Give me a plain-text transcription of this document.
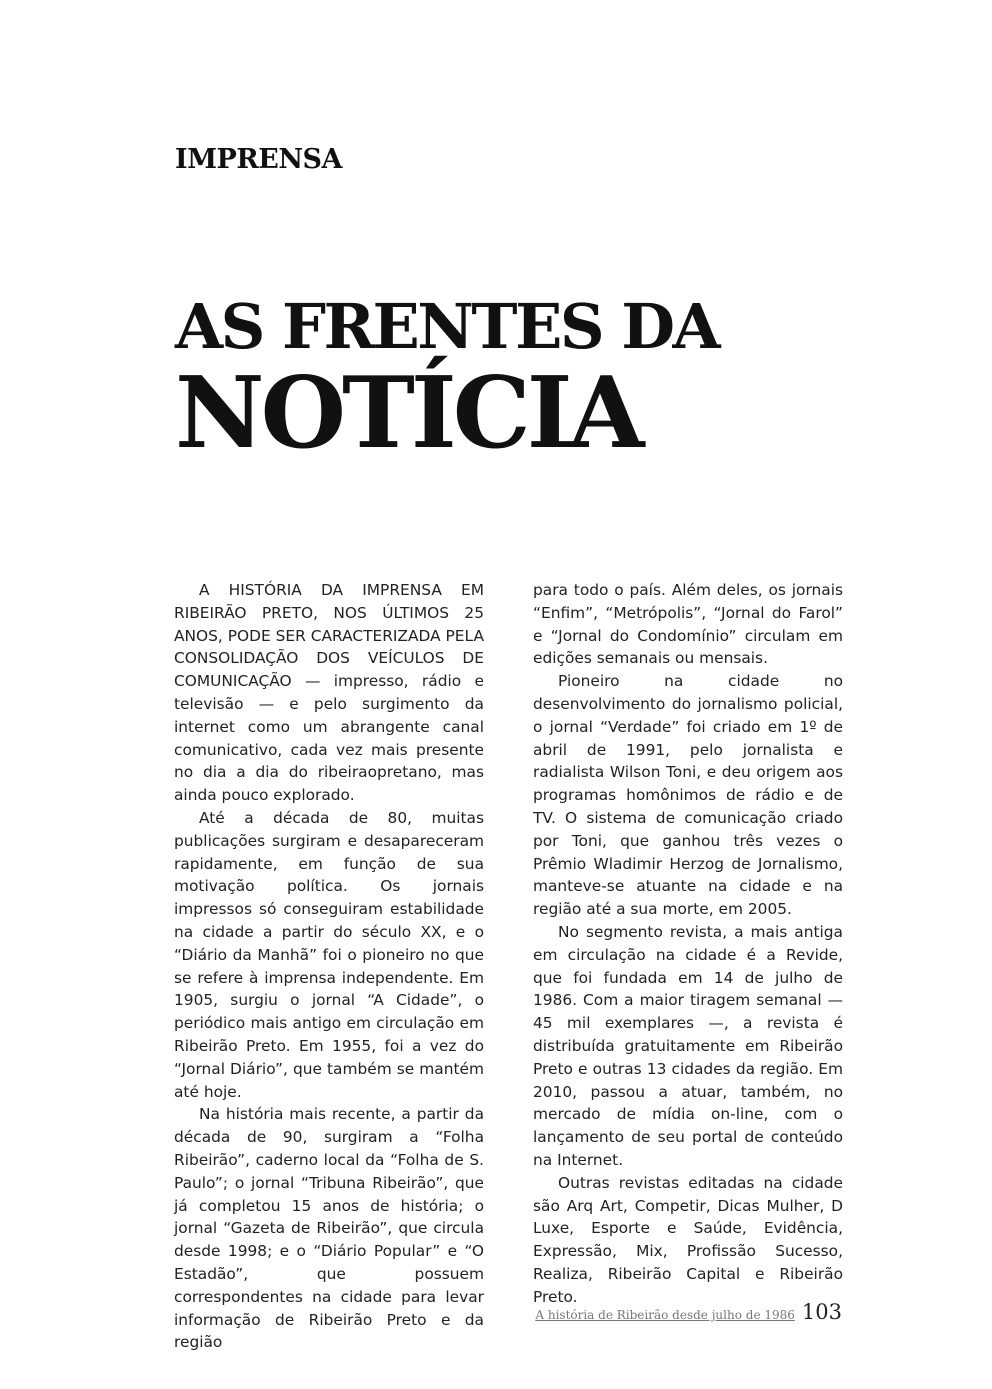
IMPRENSA
AS FRENTES DA
NOTÍCIA

A HISTÓRIA DA IMPRENSA EM RIBEIRÃO PRETO, NOS ÚLTIMOS 25 ANOS, PODE SER CARACTERIZADA PELA CONSOLIDAÇÃO DOS VEÍCULOS DE COMUNICAÇÃO — impresso, rádio e televisão — e pelo surgimento da internet como um abrangente canal comunicativo, cada vez mais presente no dia a dia do ribeiraopretano, mas ainda pouco explorado.

Até a década de 80, muitas publicações surgiram e desapareceram rapidamente, em função de sua motivação política. Os jornais impressos só conseguiram estabilidade na cidade a partir do século XX, e o “Diário da Manhã” foi o pioneiro no que se refere à imprensa independente. Em 1905, surgiu o jornal “A Cidade”, o periódico mais antigo em circulação em Ribeirão Preto. Em 1955, foi a vez do “Jornal Diário”, que também se mantém até hoje.

Na história mais recente, a partir da década de 90, surgiram a “Folha Ribeirão”, caderno local da “Folha de S. Paulo”; o jornal “Tribuna Ribeirão”, que já completou 15 anos de história; o jornal “Gazeta de Ribeirão”, que circula desde 1998; e o “Diário Popular” e “O Estadão”, que possuem correspondentes na cidade para levar informação de Ribeirão Preto e da região

para todo o país. Além deles, os jornais “Enfim”, “Metrópolis”, “Jornal do Farol” e “Jornal do Condomínio” circulam em edições semanais ou mensais.

Pioneiro na cidade no desenvolvimento do jornalismo policial, o jornal “Verdade” foi criado em 1º de abril de 1991, pelo jornalista e radialista Wilson Toni, e deu origem aos programas homônimos de rádio e de TV. O sistema de comunicação criado por Toni, que ganhou três vezes o Prêmio Wladimir Herzog de Jornalismo, manteve-se atuante na cidade e na região até a sua morte, em 2005.

No segmento revista, a mais antiga em circulação na cidade é a Revide, que foi fundada em 14 de julho de 1986. Com a maior tiragem semanal — 45 mil exemplares —, a revista é distribuída gratuitamente em Ribeirão Preto e outras 13 cidades da região. Em 2010, passou a atuar, também, no mercado de mídia on-line, com o lançamento de seu portal de conteúdo na Internet.

Outras revistas editadas na cidade são Arq Art, Competir, Dicas Mulher, D Luxe, Esporte e Saúde, Evidência, Expressão, Mix, Profissão Sucesso, Realiza, Ribeirão Capital e Ribeirão Preto.

A história de Ribeirão desde julho de 1986 103
